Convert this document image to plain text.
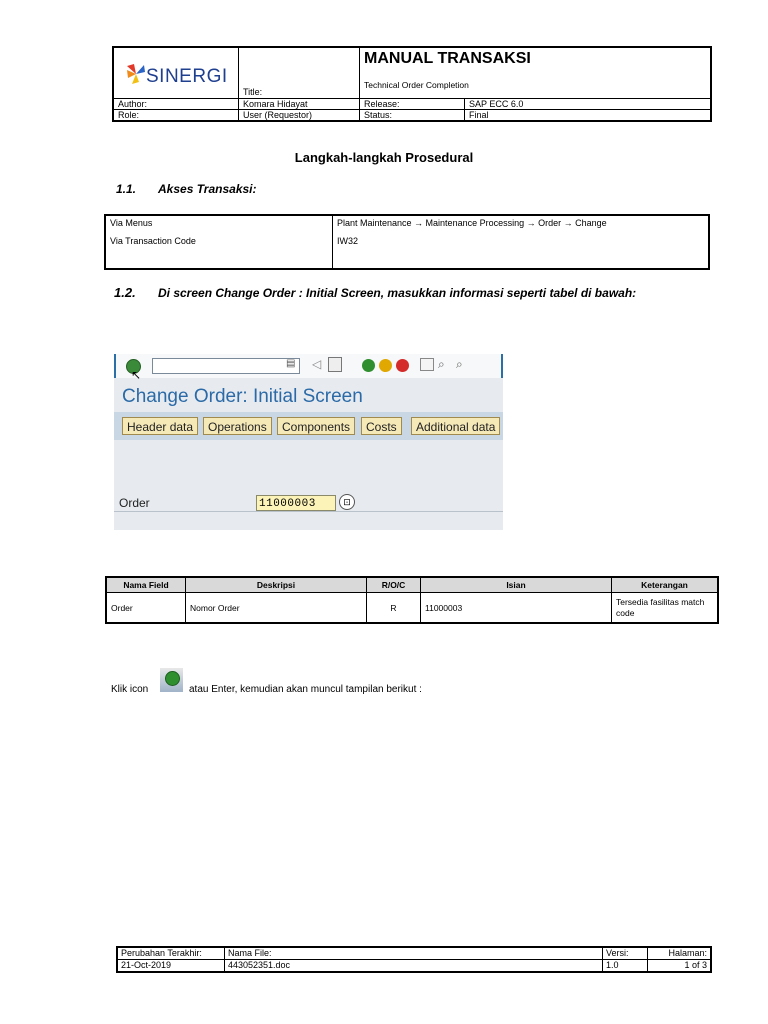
SINERGI	Title:	MANUAL TRANSAKSI
Technical Order Completion	

Author:	Komara Hidayat	Release:	SAP ECC 6.0
Role:	User (Requestor)	Status:	Final
Langkah-langkah Prosedural
1.1. Akses Transaksi:
Via Menus	Plant Maintenance → Maintenance Processing → Order → Change
Via Transaction Code	IW32
1.2. Di screen Change Order : Initial Screen, masukkan informasi seperti tabel di bawah:
▤ ◁	⌕ ⌕
↖
Change Order: Initial Screen
Header data	Operations	Components	Costs	Additional data
Order	11000003	⊡
Nama Field	Deskripsi	R/O/C	Isian	Keterangan
Order	Nomor Order	R	11000003	Tersedia fasilitas match code
Klik icon	atau Enter, kemudian akan muncul tampilan berikut :
Perubahan Terakhir:	Nama File:	Versi:	Halaman:
21-Oct-2019	443052351.doc	1.0	1 of 3
